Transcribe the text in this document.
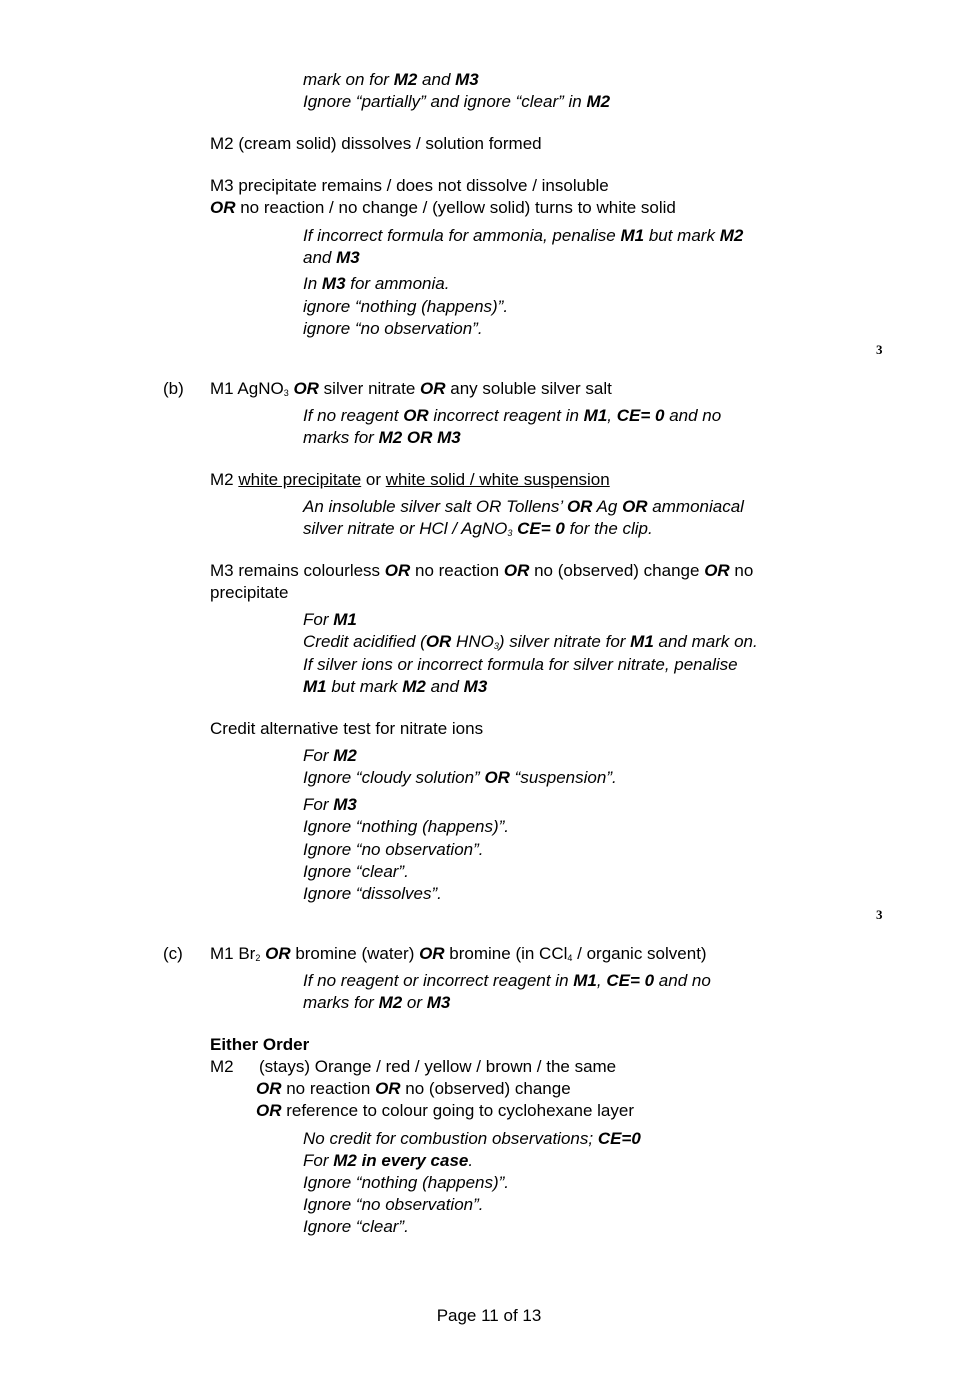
mark on for M2 and M3
Ignore “partially” and ignore “clear” in M2
M2 (cream solid) dissolves / solution formed
M3 precipitate remains / does not dissolve / insoluble
OR no reaction / no change / (yellow solid) turns to white solid
If incorrect formula for ammonia, penalise M1 but mark M2
and M3
In M3 for ammonia.
ignore “nothing (happens)”.
ignore “no observation”.
3
(b) M1 AgNO$_3$ OR silver nitrate OR any soluble silver salt
If no reagent OR incorrect reagent in M1, CE= 0 and no
marks for M2 OR M3
M2 white precipitate or white solid / white suspension
An insoluble silver salt OR Tollens’ OR Ag OR ammoniacal
silver nitrate or HCl / AgNO$_3$ CE= 0 for the clip.
M3 remains colourless OR no reaction OR no (observed) change OR no
precipitate
For M1
Credit acidified (OR $HNO_3$) silver nitrate for M1 and mark on.
If silver ions or incorrect formula for silver nitrate, penalise
M1 but mark M2 and M3
Credit alternative test for nitrate ions
For M2
Ignore “cloudy solution” OR “suspension”.
For M3
Ignore “nothing (happens)”.
Ignore “no observation”.
Ignore “clear”.
Ignore “dissolves”.
3
(c) M1 $Br_2$ OR bromine (water) OR bromine (in CCl$_4$ / organic solvent)
If no reagent or incorrect reagent in M1, CE= 0 and no
marks for M2 or M3
Either Order
M2 (stays) Orange / red / yellow / brown / the same
OR no reaction OR no (observed) change
OR reference to colour going to cyclohexane layer
No credit for combustion observations; CE=0
For M2 in every case.
Ignore “nothing (happens)”.
Ignore “no observation”.
Ignore “clear”.
Page 11 of 13
